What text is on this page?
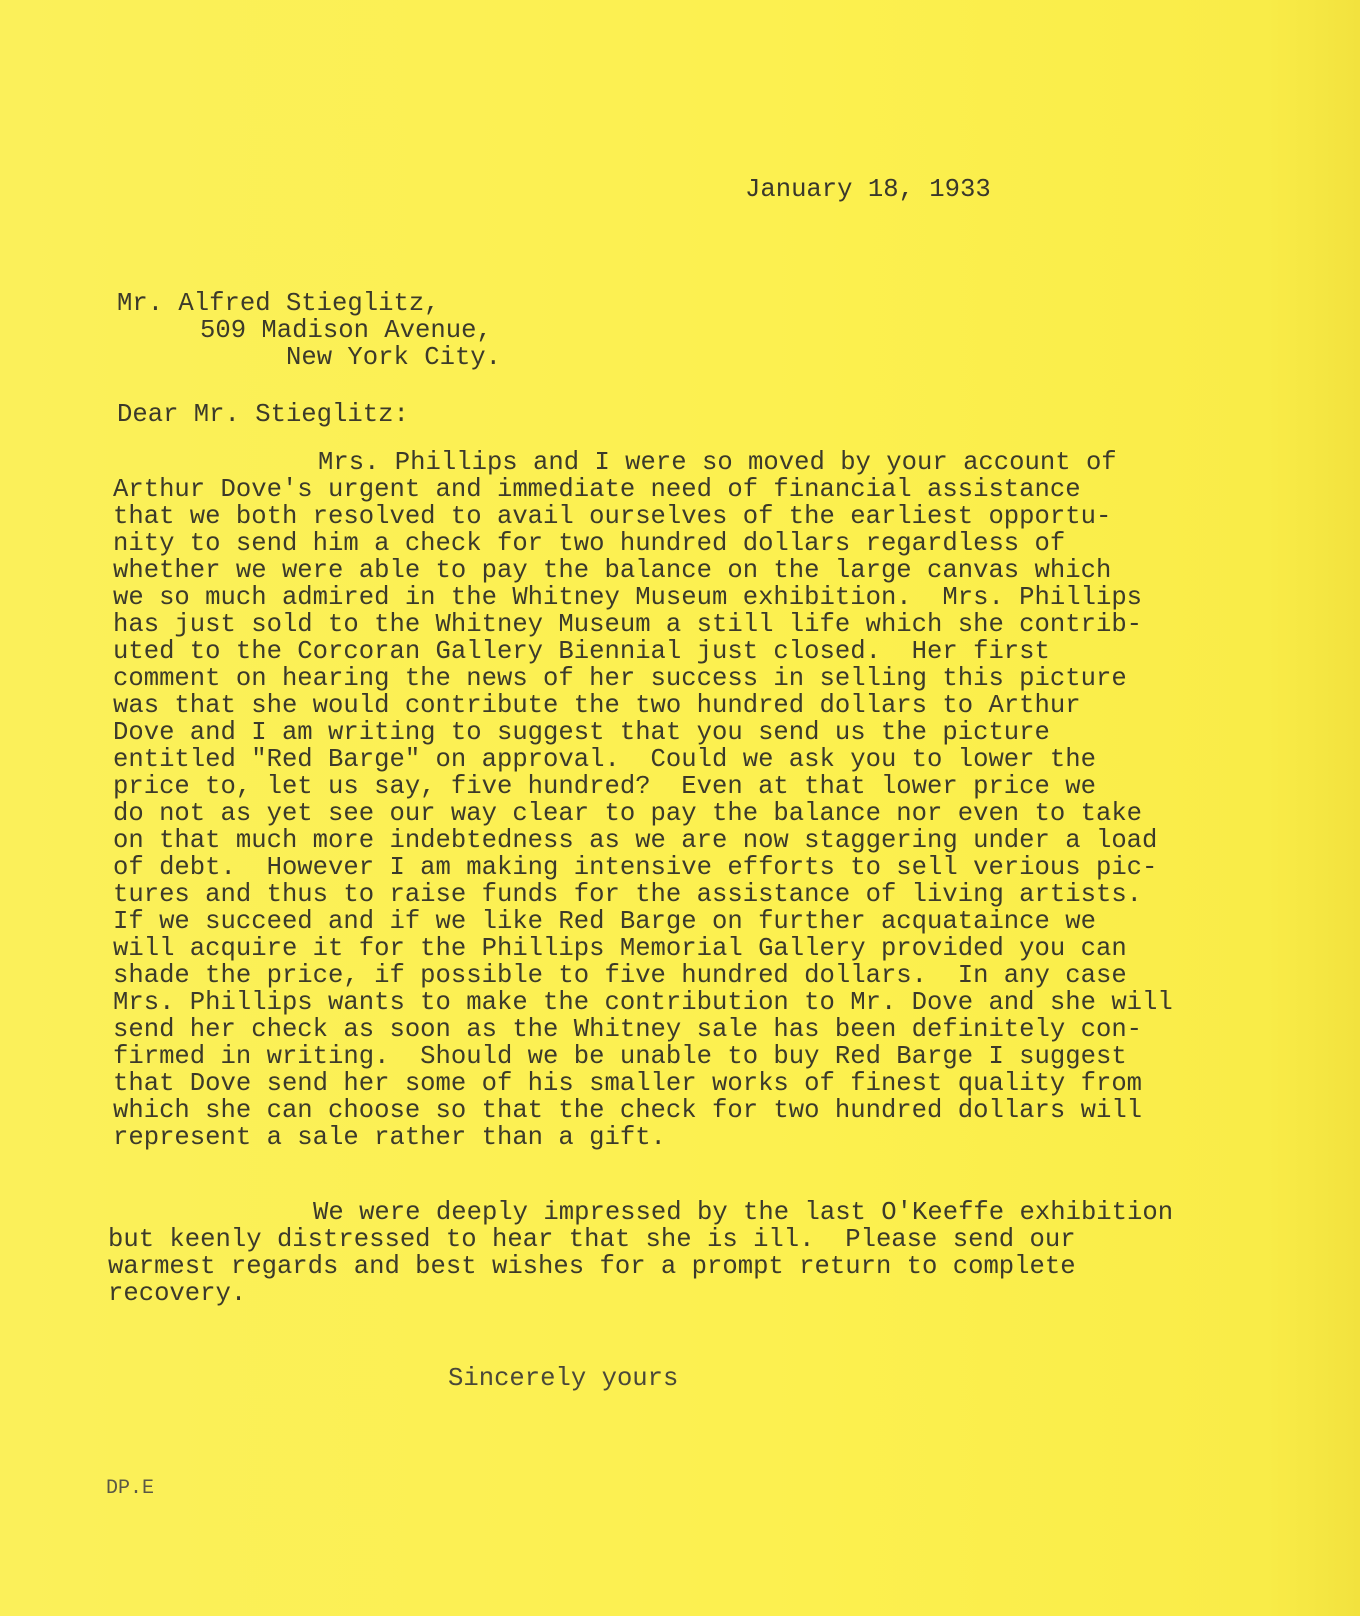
January 18, 1933
Mr. Alfred Stieglitz,
509 Madison Avenue,
New York City.
Dear Mr. Stieglitz:
Mrs. Phillips and I were so moved by your account of
Arthur Dove's urgent and immediate need of financial assistance
that we both resolved to avail ourselves of the earliest opportu-
nity to send him a check for two hundred dollars regardless of
whether we were able to pay the balance on the large canvas which
we so much admired in the Whitney Museum exhibition.  Mrs. Phillips
has just sold to the Whitney Museum a still life which she contrib-
uted to the Corcoran Gallery Biennial just closed.  Her first
comment on hearing the news of her success in selling this picture
was that she would contribute the two hundred dollars to Arthur
Dove and I am writing to suggest that you send us the picture
entitled "Red Barge" on approval.  Could we ask you to lower the
price to, let us say, five hundred?  Even at that lower price we
do not as yet see our way clear to pay the balance nor even to take
on that much more indebtedness as we are now staggering under a load
of debt.  However I am making intensive efforts to sell verious pic-
tures and thus to raise funds for the assistance of living artists.
If we succeed and if we like Red Barge on further acquataince we
will acquire it for the Phillips Memorial Gallery provided you can
shade the price, if possible to five hundred dollars.  In any case
Mrs. Phillips wants to make the contribution to Mr. Dove and she will
send her check as soon as the Whitney sale has been definitely con-
firmed in writing.  Should we be unable to buy Red Barge I suggest
that Dove send her some of his smaller works of finest quality from
which she can choose so that the check for two hundred dollars will
represent a sale rather than a gift.
We were deeply impressed by the last O'Keeffe exhibition
but keenly distressed to hear that she is ill.  Please send our
warmest regards and best wishes for a prompt return to complete
recovery.
Sincerely yours
DP.E
